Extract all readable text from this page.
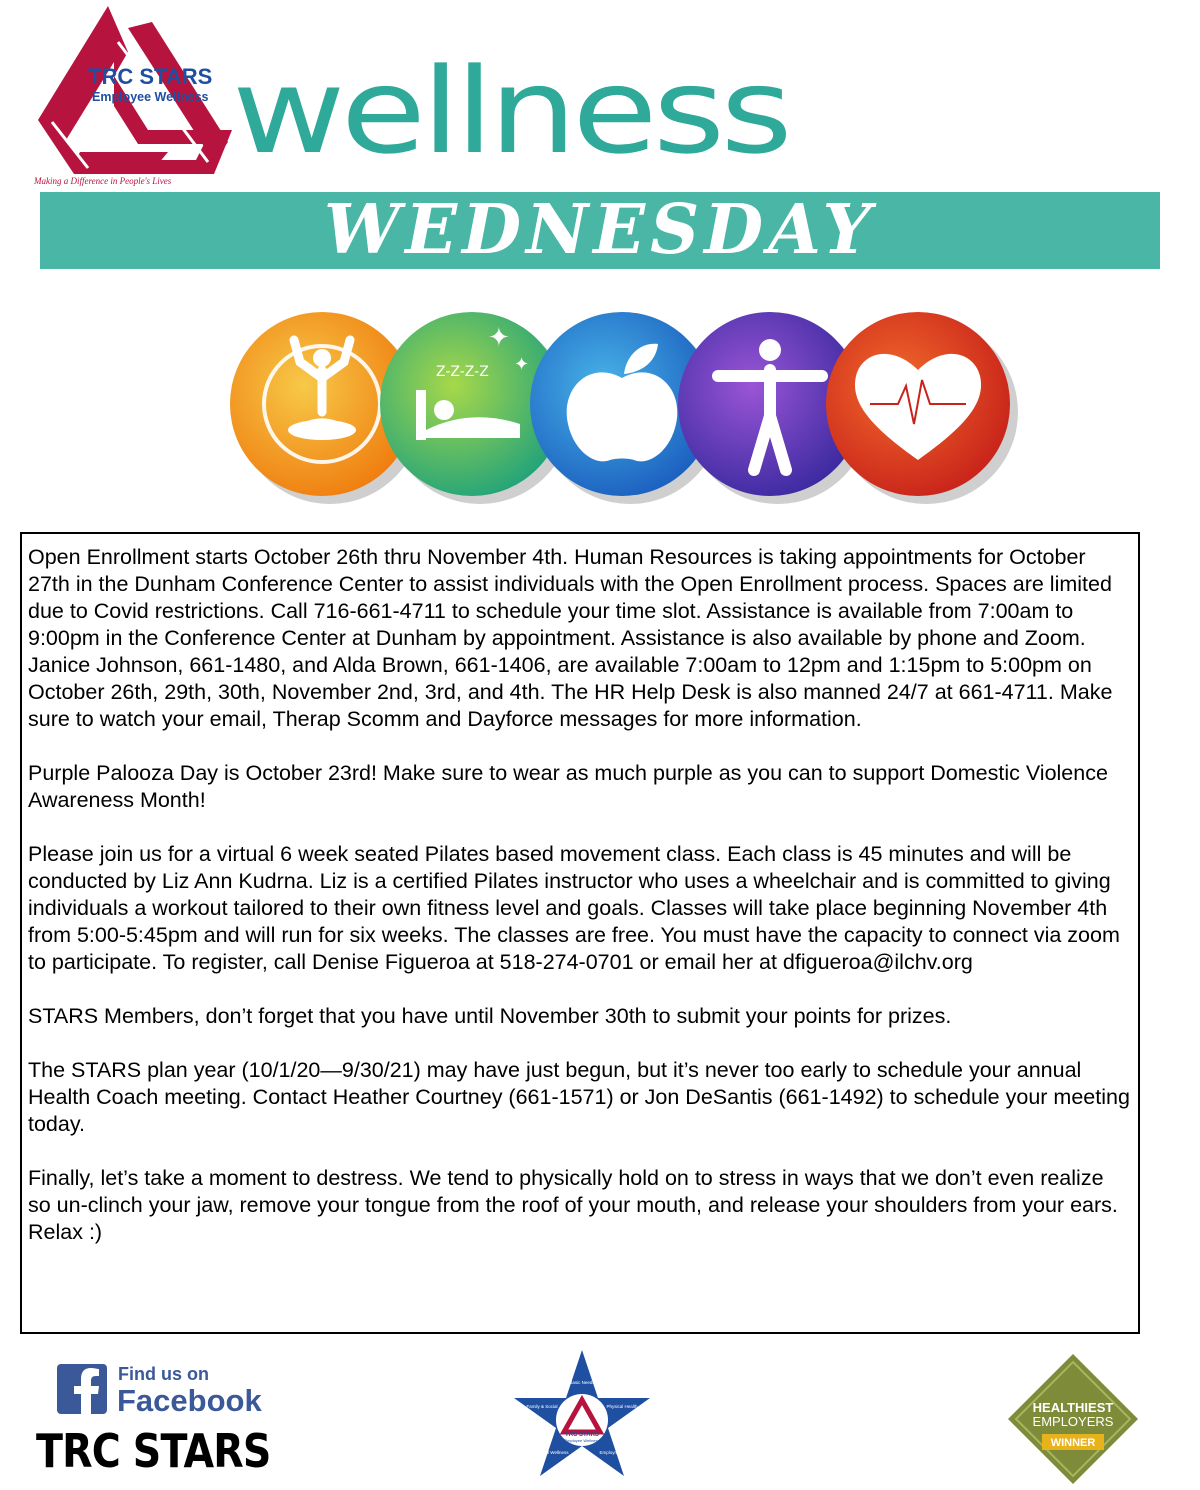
TRC STARS
Employee Wellness
Making a Difference in People's Lives
wellness
WEDNESDAY
Z-Z-Z-Z
✦
✦

Open Enrollment starts October 26th thru November 4th. Human Resources is taking appointments for October 27th in the Dunham Conference Center to assist individuals with the Open Enrollment process. Spaces are limited due to Covid restrictions. Call 716-661-4711 to schedule your time slot. Assistance is available from 7:00am to 9:00pm in the Conference Center at Dunham by appointment. Assistance is also available by phone and Zoom. Janice Johnson, 661-1480, and Alda Brown, 661-1406, are available 7:00am to 12pm and 1:15pm to 5:00pm on October 26th, 29th, 30th, November 2nd, 3rd, and 4th. The HR Help Desk is also manned 24/7 at 661-4711. Make sure to watch your email, Therap Scomm and Dayforce messages for more information.

Purple Palooza Day is October 23rd! Make sure to wear as much purple as you can to support Domestic Violence Awareness Month!

Please join us for a virtual 6 week seated Pilates based movement class. Each class is 45 minutes and will be conducted by Liz Ann Kudrna. Liz is a certified Pilates instructor who uses a wheelchair and is committed to giving individuals a workout tailored to their own fitness level and goals. Classes will take place beginning November 4th from 5:00-5:45pm and will run for six weeks. The classes are free. You must have the capacity to connect via zoom to participate. To register, call Denise Figueroa at 518-274-0701 or email her at dfigueroa@ilchv.org

STARS Members, don’t forget that you have until November 30th to submit your points for prizes.

The STARS plan year (10/1/20—9/30/21) may have just begun, but it’s never too early to schedule your annual Health Coach meeting. Contact Heather Courtney (661-1571) or Jon DeSantis (661-1492) to schedule your meeting today.

Finally, let’s take a moment to destress. We tend to physically hold on to stress in ways that we don’t even realize so un-clinch your jaw, remove your tongue from the roof of your mouth, and release your shoulders from your ears. Relax :)

Find us on
Facebook
TRC STARS	TRC STARS
Employee Wellness
Basic Needs
Physical Health
Employment
Mental Wellness
Family & Social	HEALTHIEST
EMPLOYERS
WINNER
